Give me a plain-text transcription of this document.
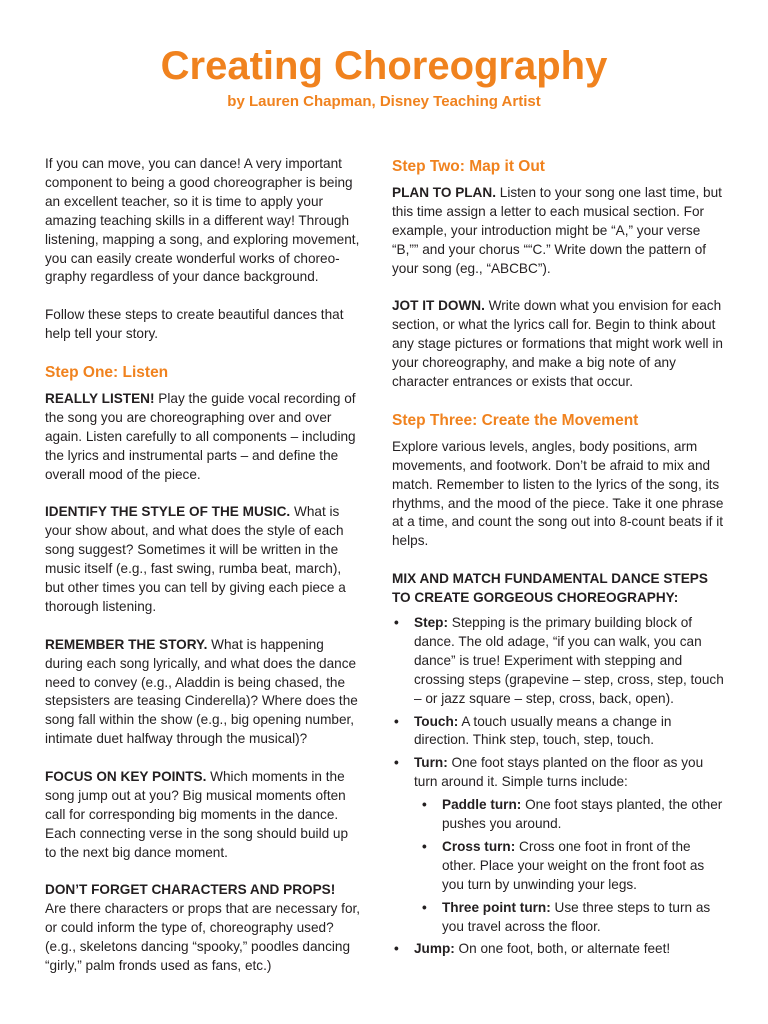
Creating Choreography
by Lauren Chapman, Disney Teaching Artist

If you can move, you can dance! A very important component to being a good choreographer is being an excellent teacher, so it is time to apply your amazing teaching skills in a different way! Through listening, mapping a song, and exploring movement, you can easily create wonderful works of choreo-graphy regardless of your dance background.

Follow these steps to create beautiful dances that help tell your story.

Step One: Listen

REALLY LISTEN! Play the guide vocal recording of the song you are choreographing over and over again. Listen carefully to all components – including the lyrics and instrumental parts – and define the overall mood of the piece.

IDENTIFY THE STYLE OF THE MUSIC. What is your show about, and what does the style of each song suggest? Sometimes it will be written in the music itself (e.g., fast swing, rumba beat, march), but other times you can tell by giving each piece a thorough listening.

REMEMBER THE STORY. What is happening during each song lyrically, and what does the dance need to convey (e.g., Aladdin is being chased, the stepsisters are teasing Cinderella)? Where does the song fall within the show (e.g., big opening number, intimate duet halfway through the musical)?

FOCUS ON KEY POINTS. Which moments in the song jump out at you? Big musical moments often call for corresponding big moments in the dance. Each connecting verse in the song should build up to the next big dance moment.

DON’T FORGET CHARACTERS AND PROPS!
Are there characters or props that are necessary for, or could inform the type of, choreography used? (e.g., skeletons dancing “spooky,” poodles dancing “girly,” palm fronds used as fans, etc.)

Step Two: Map it Out

PLAN TO PLAN. Listen to your song one last time, but this time assign a letter to each musical section. For example, your introduction might be “A,” your verse “B,”” and your chorus ““C.” Write down the pattern of your song (eg., “ABCBC”).

JOT IT DOWN. Write down what you envision for each section, or what the lyrics call for. Begin to think about any stage pictures or formations that might work well in your choreography, and make a big note of any character entrances or exists that occur.

Step Three: Create the Movement

Explore various levels, angles, body positions, arm movements, and footwork. Don’t be afraid to mix and match. Remember to listen to the lyrics of the song, its rhythms, and the mood of the piece. Take it one phrase at a time, and count the song out into 8-count beats if it helps.

MIX AND MATCH FUNDAMENTAL DANCE STEPS TO CREATE GORGEOUS CHOREOGRAPHY:
• Step: Stepping is the primary building block of dance. The old adage, “if you can walk, you can dance” is true! Experiment with stepping and crossing steps (grapevine – step, cross, step, touch – or jazz square – step, cross, back, open).
• Touch: A touch usually means a change in direction. Think step, touch, step, touch.
• Turn: One foot stays planted on the floor as you turn around it. Simple turns include:
• Paddle turn: One foot stays planted, the other pushes you around.
• Cross turn: Cross one foot in front of the other. Place your weight on the front foot as you turn by unwinding your legs.
• Three point turn: Use three steps to turn as you travel across the floor.
• Jump: On one foot, both, or alternate feet!
